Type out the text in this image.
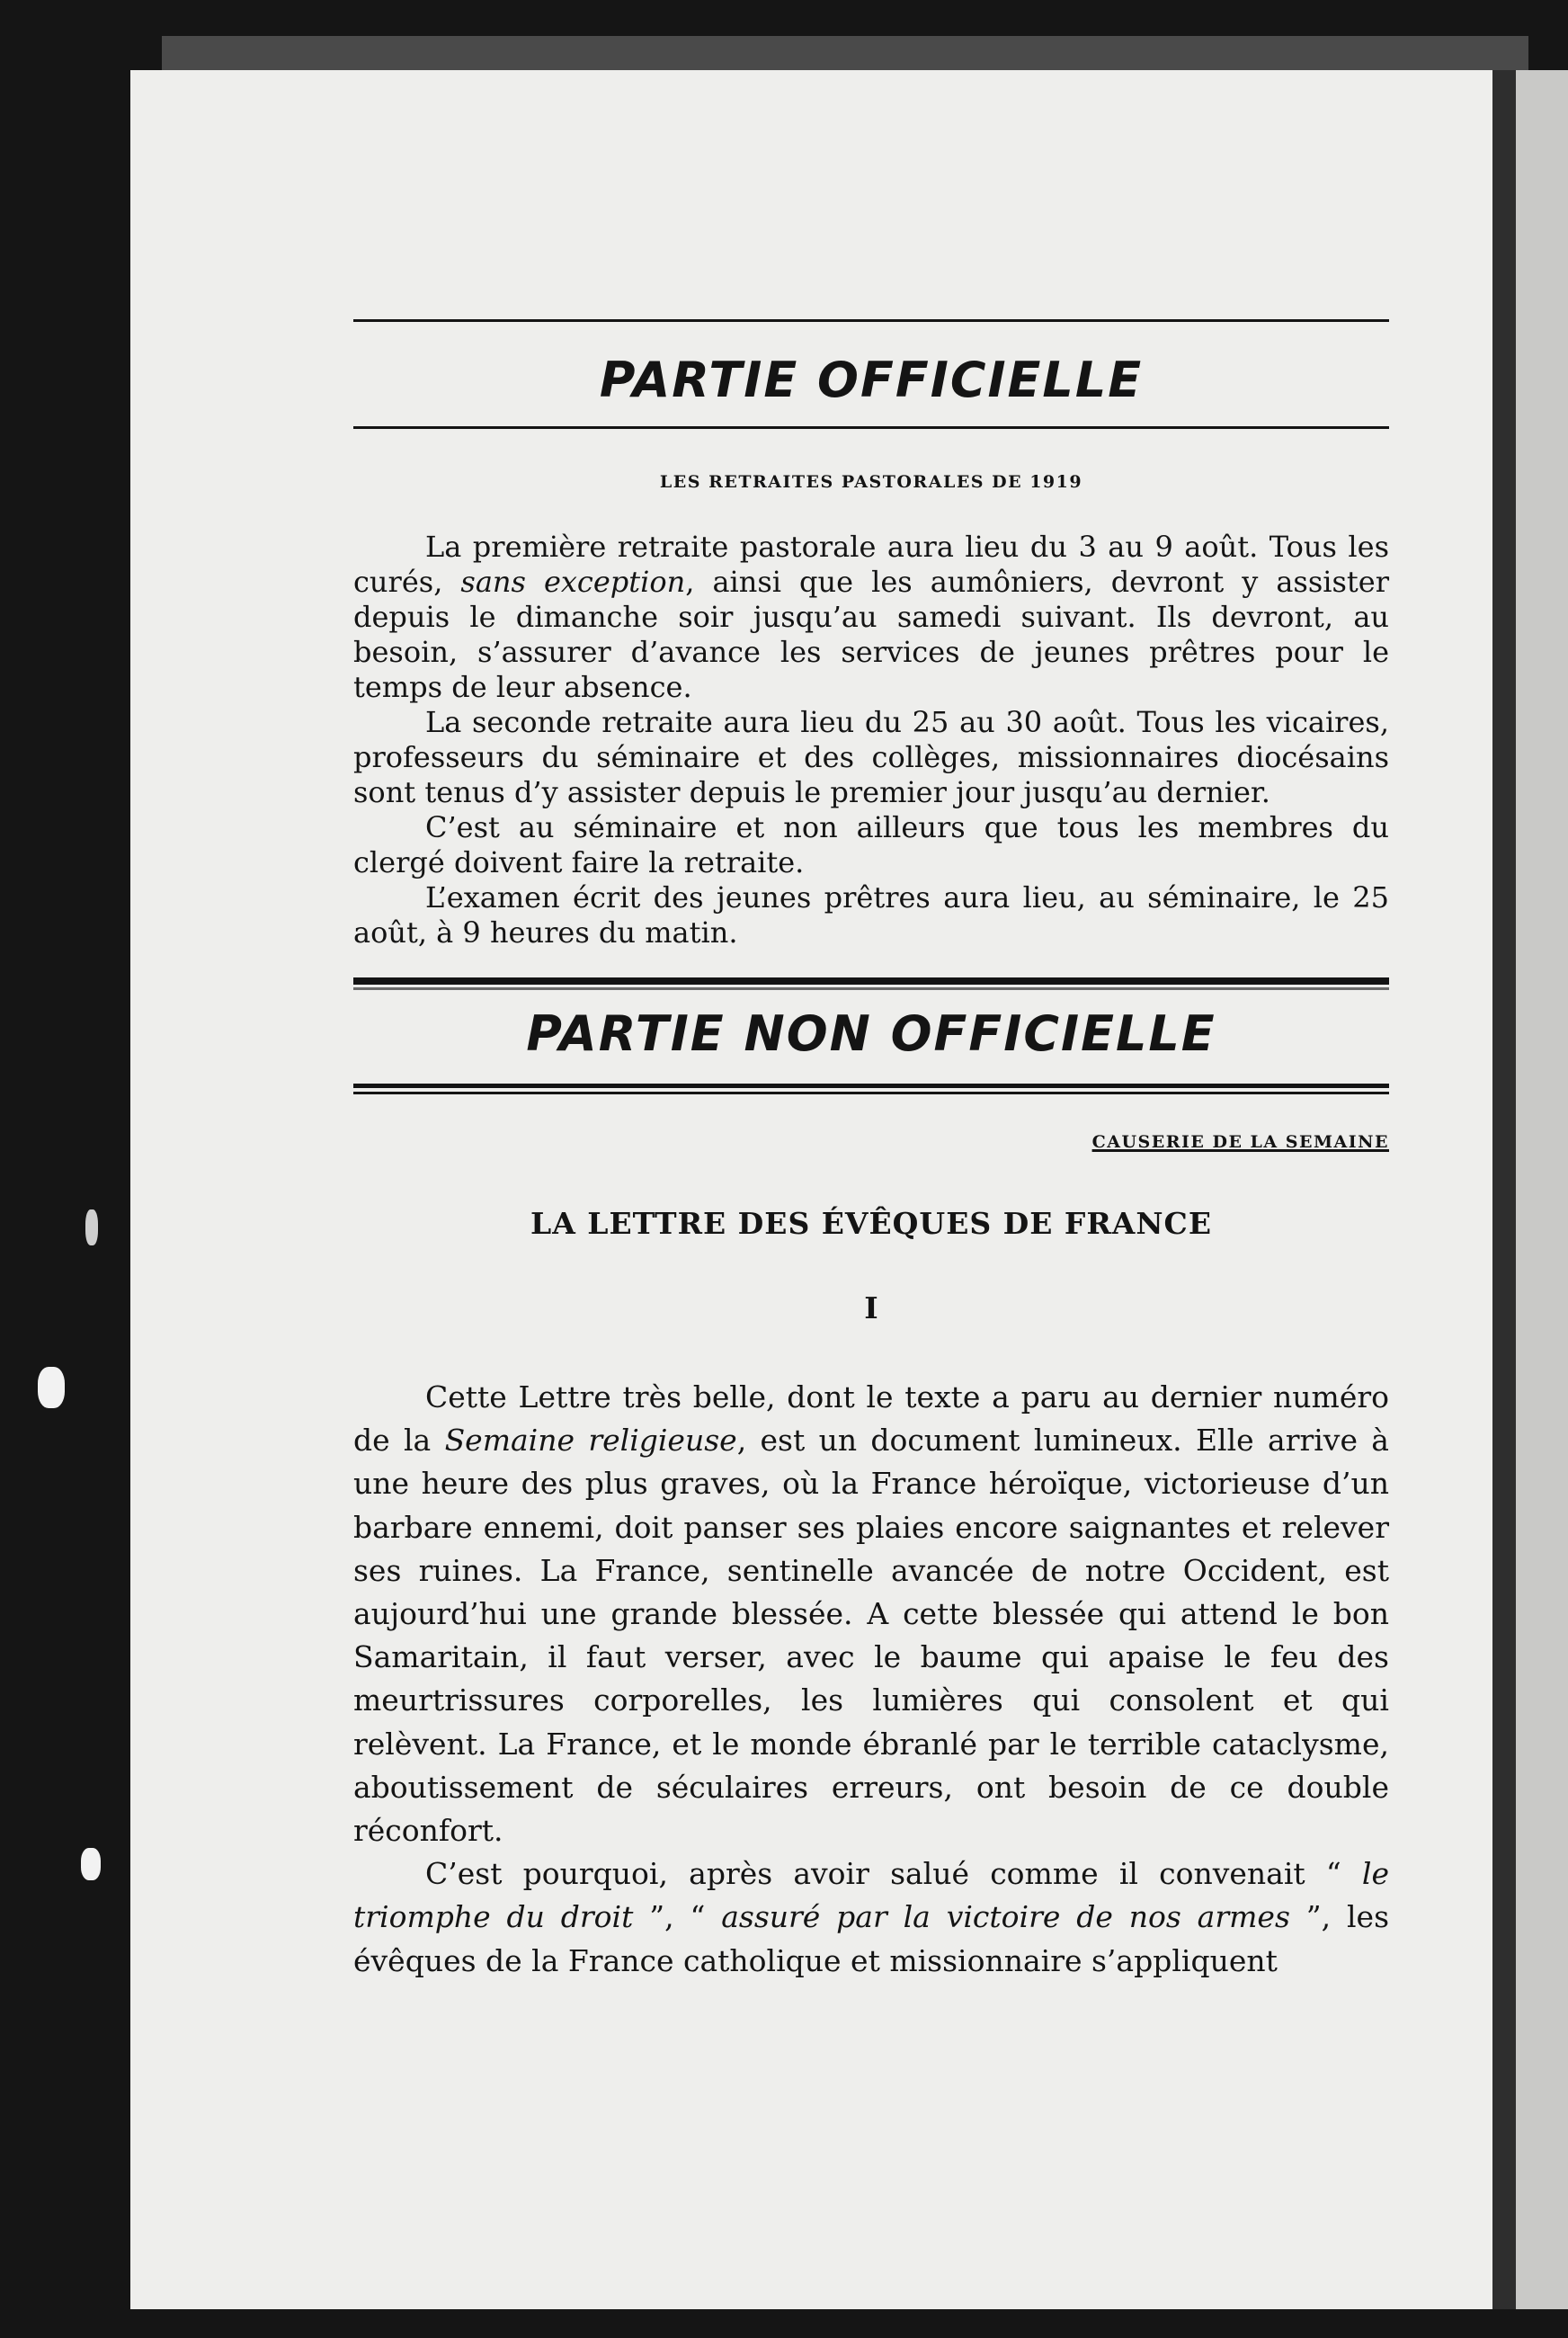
PARTIE OFFICIELLE

LES RETRAITES PASTORALES DE 1919

La première retraite pastorale aura lieu du 3 au 9 août. Tous les curés, sans exception, ainsi que les aumôniers, devront y assister depuis le dimanche soir jusqu’au samedi suivant. Ils devront, au besoin, s’assurer d’avance les services de jeunes prêtres pour le temps de leur absence.

La seconde retraite aura lieu du 25 au 30 août. Tous les vicaires, professeurs du séminaire et des collèges, missionnaires diocésains sont tenus d’y assister depuis le premier jour jusqu’au dernier.

C’est au séminaire et non ailleurs que tous les membres du clergé doivent faire la retraite.

L’examen écrit des jeunes prêtres aura lieu, au séminaire, le 25 août, à 9 heures du matin.

PARTIE NON OFFICIELLE

CAUSERIE DE LA SEMAINE

LA LETTRE DES ÉVÊQUES DE FRANCE

I

Cette Lettre très belle, dont le texte a paru au dernier numéro de la Semaine religieuse, est un document lumineux. Elle arrive à une heure des plus graves, où la France héroïque, victorieuse d’un barbare ennemi, doit panser ses plaies encore saignantes et relever ses ruines. La France, sentinelle avancée de notre Occident, est aujourd’hui une grande blessée. A cette blessée qui attend le bon Samaritain, il faut verser, avec le baume qui apaise le feu des meurtrissures corporelles, les lumières qui consolent et qui relèvent. La France, et le monde ébranlé par le terrible cataclysme, aboutissement de séculaires erreurs, ont besoin de ce double réconfort.

C’est pourquoi, après avoir salué comme il convenait “ le triomphe du droit ”, “ assuré par la victoire de nos armes ”, les évêques de la France catholique et missionnaire s’appliquent
